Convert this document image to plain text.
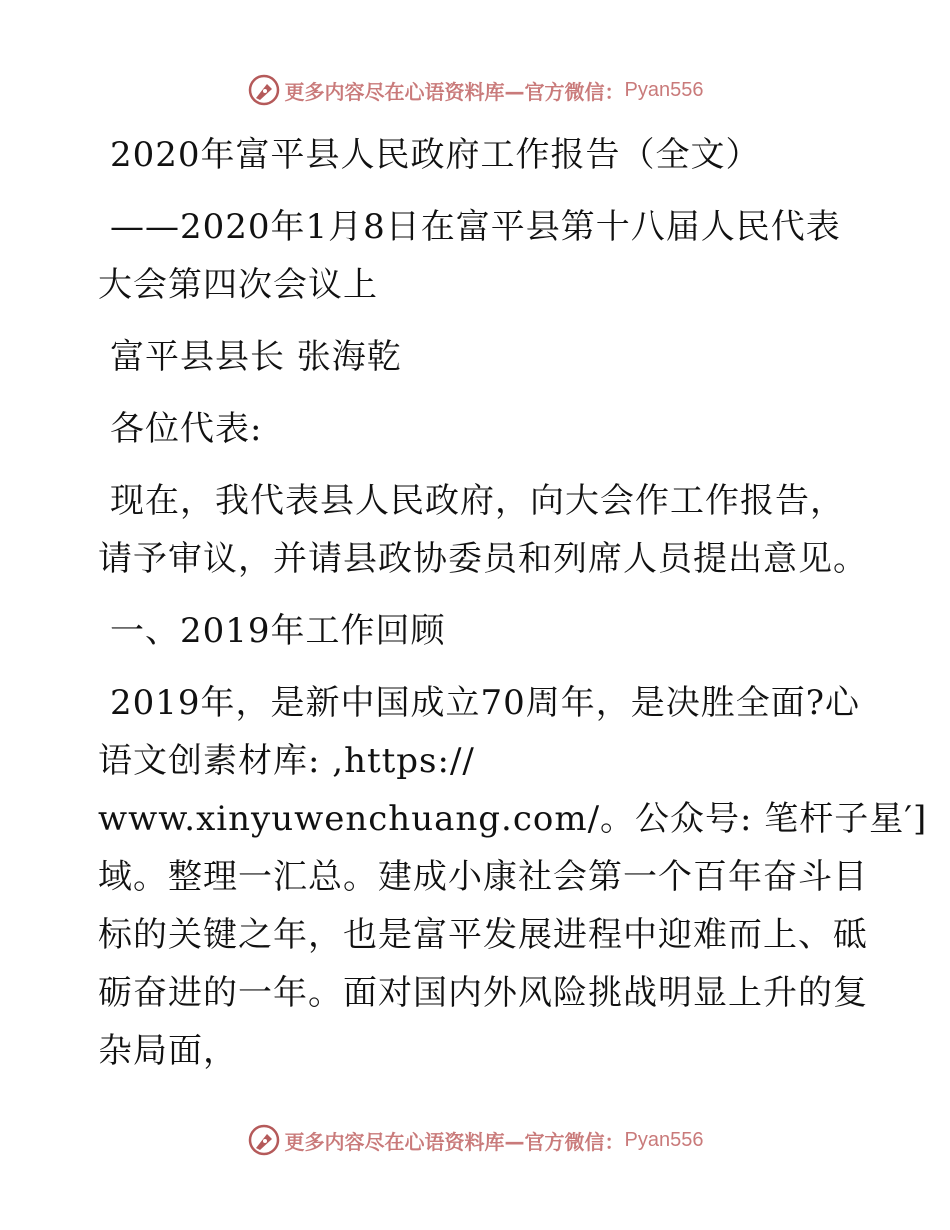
更多内容尽在心语资料库—官方微信： Pyan556
2020年富平县人民政府工作报告（全文）
——2020年1月8日在富平县第十八届人民代表
大会第四次会议上
富平县县长 张海乾
各位代表:
现在，我代表县人民政府，向大会作工作报告，
请予审议，并请县政协委员和列席人员提出意见。
一、2019年工作回顾
2019年，是新中国成立70周年，是决胜全面?心
语文创素材库: ,https://
www.xinyuwenchuang.com/。公众号: 笔杆子星′]
域。整理一汇总。建成小康社会第一个百年奋斗目
标的关键之年，也是富平发展进程中迎难而上、砥
砺奋进的一年。面对国内外风险挑战明显上升的复
杂局面，
更多内容尽在心语资料库—官方微信： Pyan556
